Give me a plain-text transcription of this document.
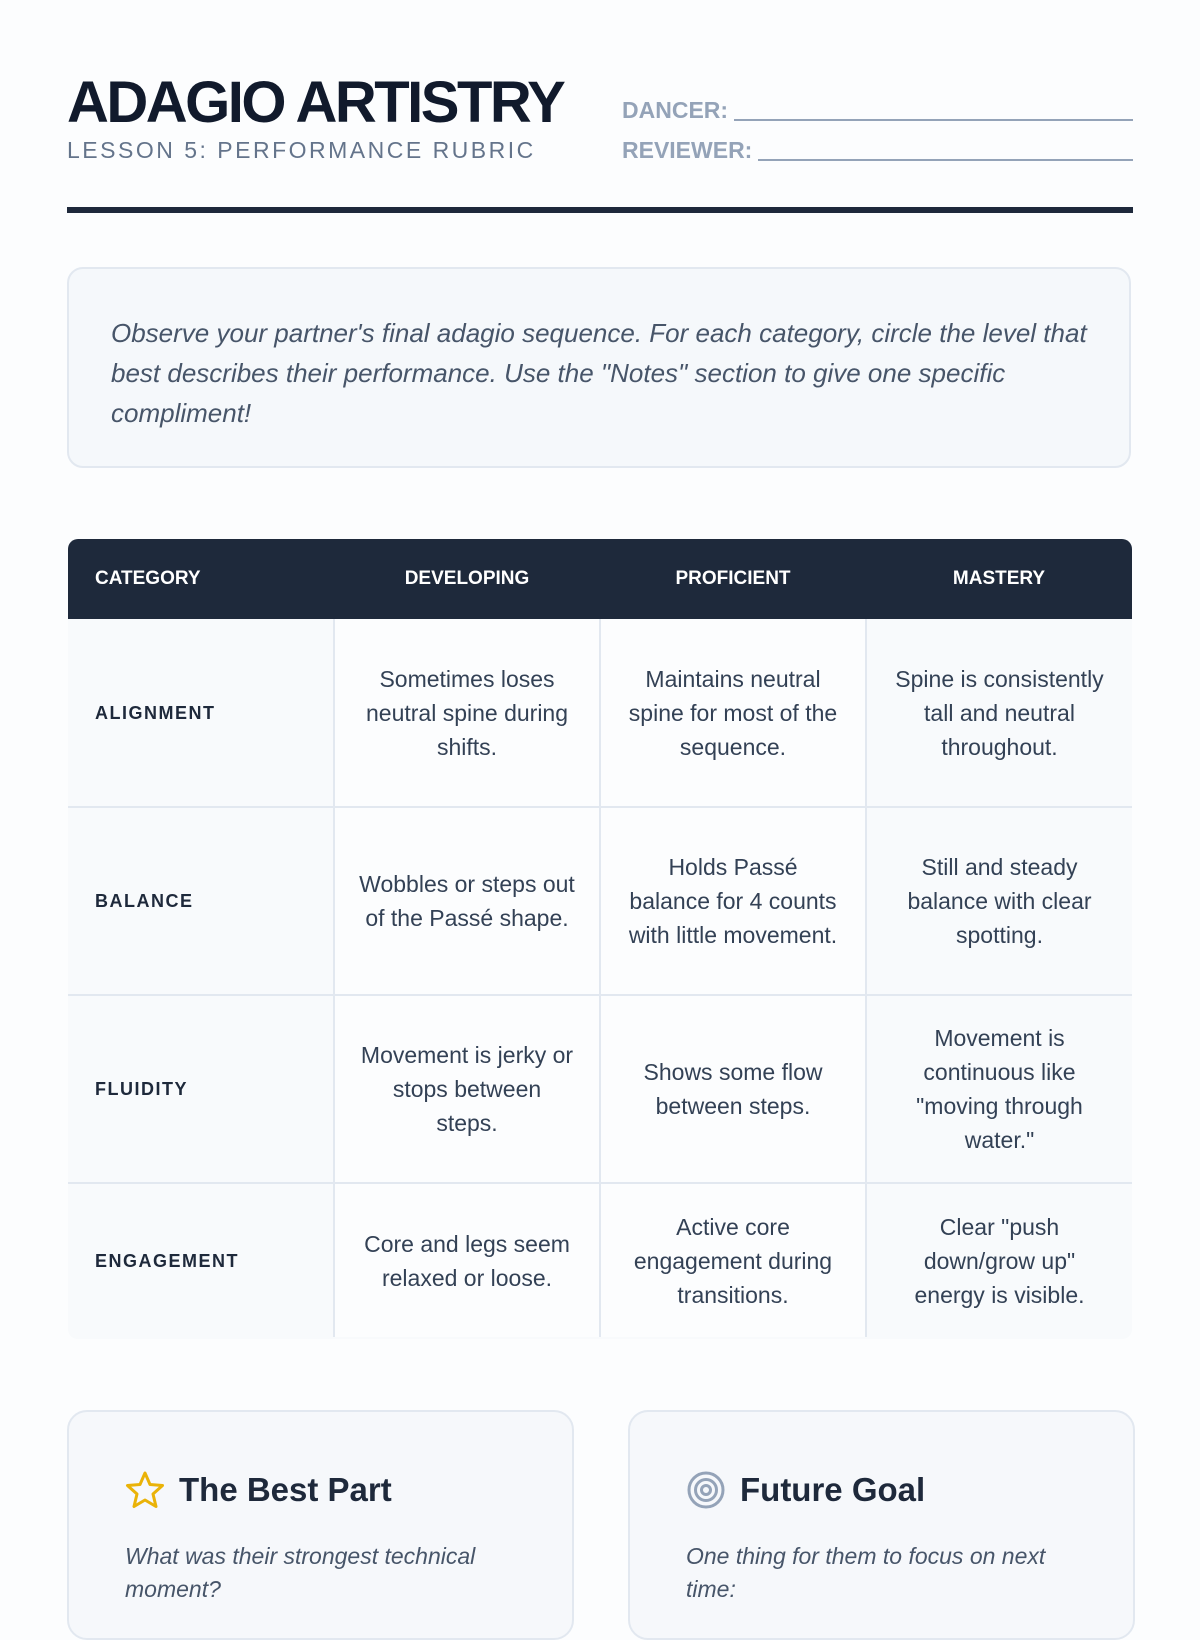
ADAGIO ARTISTRY
LESSON 5: PERFORMANCE RUBRIC
DANCER:
REVIEWER:

Observe your partner's final adagio sequence. For each category, circle the level that best describes their performance. Use the "Notes" section to give one specific compliment!

CATEGORY	DEVELOPING	PROFICIENT	MASTERY
ALIGNMENT	Sometimes loses neutral spine during shifts.	Maintains neutral spine for most of the sequence.	Spine is consistently tall and neutral throughout.
BALANCE	Wobbles or steps out of the Passé shape.	Holds Passé balance for 4 counts with little movement.	Still and steady balance with clear spotting.
FLUIDITY	Movement is jerky or stops between steps.	Shows some flow between steps.	Movement is continuous like "moving through water."
ENGAGEMENT	Core and legs seem relaxed or loose.	Active core engagement during transitions.	Clear "push down/grow up" energy is visible.
The Best Part
What was their strongest technical moment?
Future Goal
One thing for them to focus on next time:
